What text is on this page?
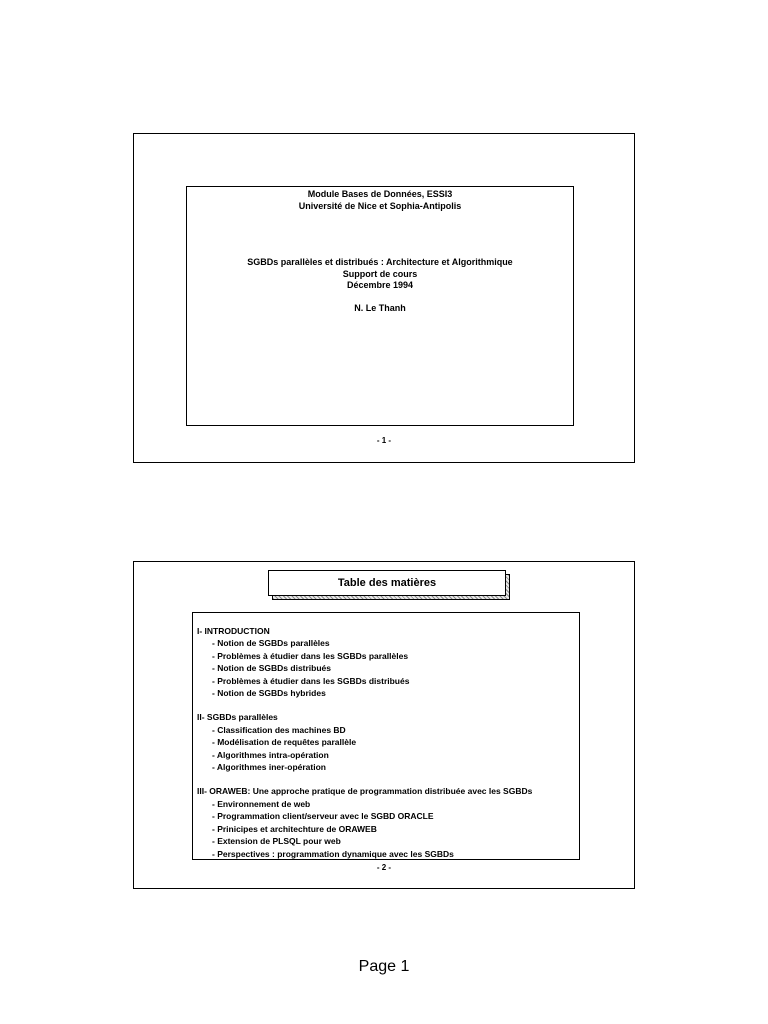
Module Bases de Données, ESSI3
Université de Nice et Sophia-Antipolis
SGBDs parallèles et distribués : Architecture et Algorithmique
Support de cours
Décembre 1994
N. Le Thanh
- 1 -
Table des matières
I- INTRODUCTION
- Notion de SGBDs parallèles
- Problèmes à étudier dans les SGBDs parallèles
- Notion de SGBDs distribués
- Problèmes à étudier dans les SGBDs distribués
- Notion de SGBDs hybrides
II- SGBDs parallèles
- Classification des machines BD
- Modélisation de requêtes parallèle
- Algorithmes intra-opération
- Algorithmes iner-opération
III- ORAWEB: Une approche pratique de programmation distribuée avec les SGBDs
- Environnement de web
- Programmation client/serveur avec le SGBD ORACLE
- Prinicipes et architechture de ORAWEB
- Extension de PLSQL pour web
- Perspectives : programmation dynamique avec les SGBDs
- 2 -
Page 1
